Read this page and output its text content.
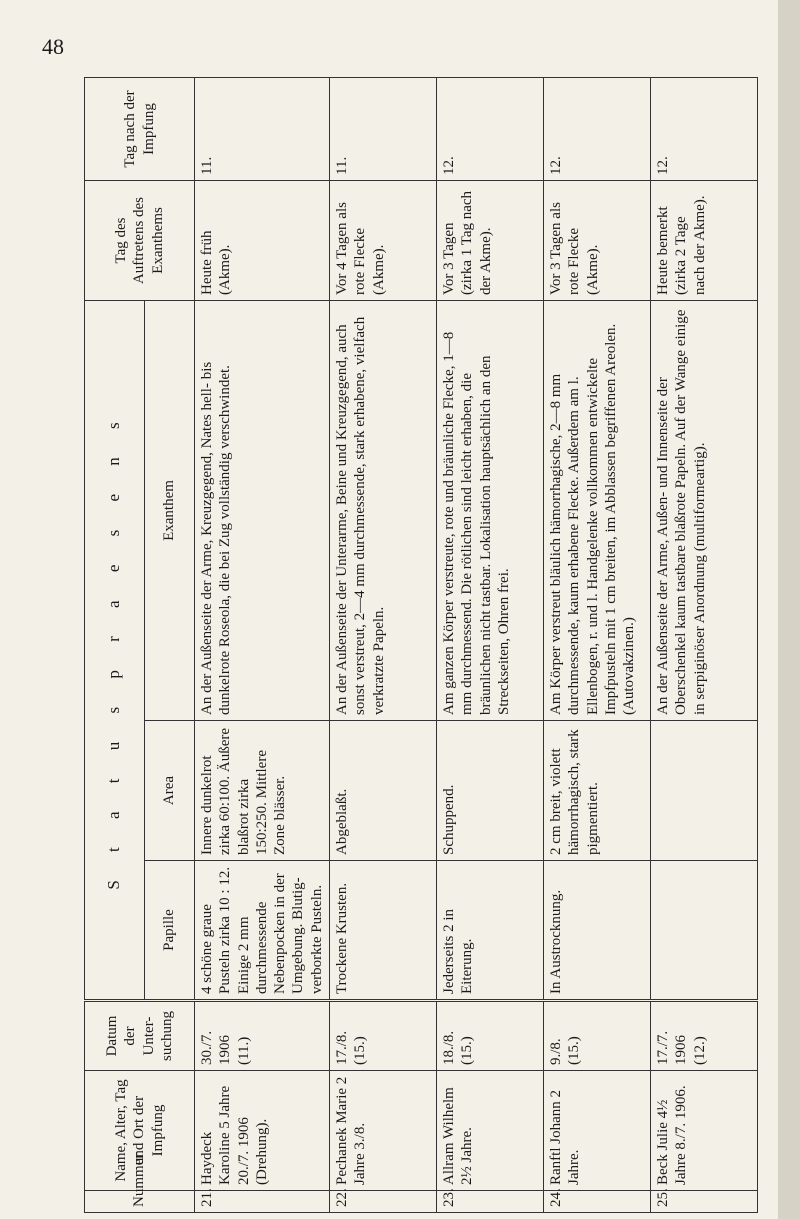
48
Nummer	Name, Alter, Tag und Ort der Impfung	Datum der Unter-suchung	S t a t u s p r a e s e n s			Tag des Auftretens des Exanthems	Tag nach der Impfung
			Papille	Area	Exanthem		
21.	Haydeck Karoline 5 Jahre 20./7. 1906 (Drehung).	30./7. 1906 (11.)	4 schöne graue Pusteln zirka 10 : 12. Einige 2 mm durchmessende Nebenpocken in der Umgebung. Blutig-verborkte Pusteln.	Innere dunkelrot zirka 60:100. Äußere blaßrot zirka 150:250. Mittlere Zone blässer.	An der Außenseite der Arme, Kreuzgegend, Nates hell- bis dunkelrote Roseola, die bei Zug vollständig verschwindet.	Heute früh (Akme).	11.
22.	Pechanek Marie 2 Jahre 3./8.	17./8. (15.)	Trockene Krusten.	Abgeblaßt.	An der Außenseite der Unterarme, Beine und Kreuzgegend, auch sonst verstreut, 2—4 mm durchmessende, stark erhabene, vielfach verkratzte Papeln.	Vor 4 Tagen als rote Flecke (Akme).	11.
23.	Allram Wilhelm 2½ Jahre.	18./8. (15.)	Jederseits 2 in Eiterung.	Schuppend.	Am ganzen Körper verstreute, rote und bräunliche Flecke, 1—8 mm durchmessend. Die rötlichen sind leicht erhaben, die bräunlichen nicht tastbar. Lokalisation hauptsächlich an den Streckseiten, Ohren frei.	Vor 3 Tagen (zirka 1 Tag nach der Akme).	12.
24.	Ranftl Johann 2 Jahre.	9./8. (15.)	In Austrocknung.	2 cm breit, violett hämorrhagisch, stark pigmentiert.	Am Körper verstreut bläulich hämorrhagische, 2—8 mm durchmessende, kaum erhabene Flecke. Außerdem am l. Ellenbogen, r. und l. Handgelenke vollkommen entwickelte Impfpusteln mit 1 cm breiten, im Abblassen begriffenen Areolen. (Autovakzinen.)	Vor 3 Tagen als rote Flecke (Akme).	12.
25.	Beck Julie 4½ Jahre 8./7. 1906.	17./7. 1906 (12.)			An der Außenseite der Arme, Außen- und Innenseite der Oberschenkel kaum tastbare blaßrote Papeln. Auf der Wange einige in serpiginöser Anordnung (multiformeartig).	Heute bemerkt (zirka 2 Tage nach der Akme).	12.
